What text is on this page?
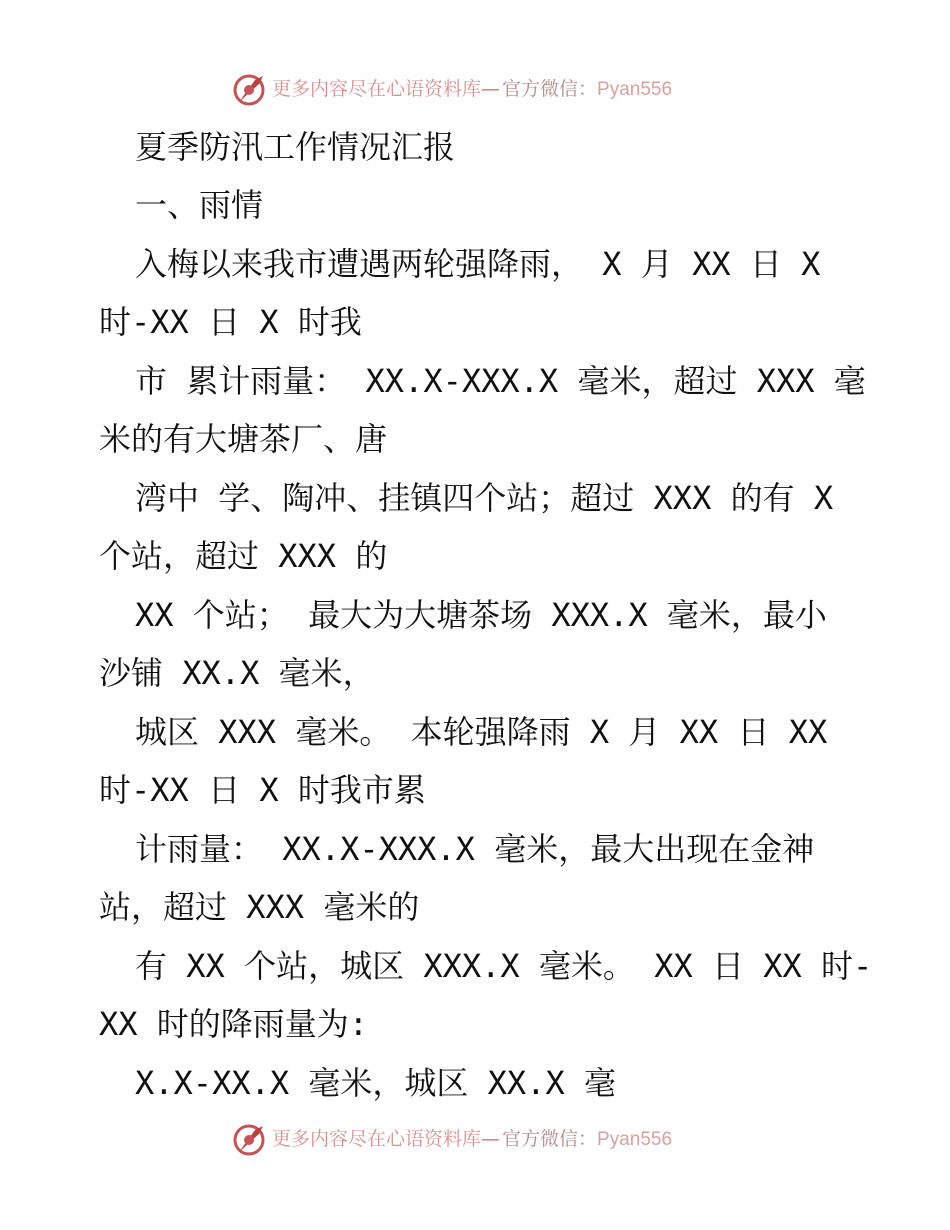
更多内容尽在心语资料库— 官方微信：Pyan556
夏季防汛工作情况汇报
一、雨情
入梅以来我市遭遇两轮强降雨， X 月 XX 日 X
时-XX 日 X 时我
市 累计雨量： XX.X-XXX.X 毫米，超过 XXX 毫
米的有大塘茶厂、唐
湾中 学、陶冲、挂镇四个站；超过 XXX 的有 X
个站，超过 XXX 的
XX 个站； 最大为大塘茶场 XXX.X 毫米，最小
沙铺 XX.X 毫米，
城区 XXX 毫米。 本轮强降雨 X 月 XX 日 XX
时-XX 日 X 时我市累
计雨量： XX.X-XXX.X 毫米，最大出现在金神
站，超过 XXX 毫米的
有 XX 个站，城区 XXX.X 毫米。 XX 日 XX 时-
XX 时的降雨量为:
X.X-XX.X 毫米，城区 XX.X 毫
更多内容尽在心语资料库— 官方微信：Pyan556
